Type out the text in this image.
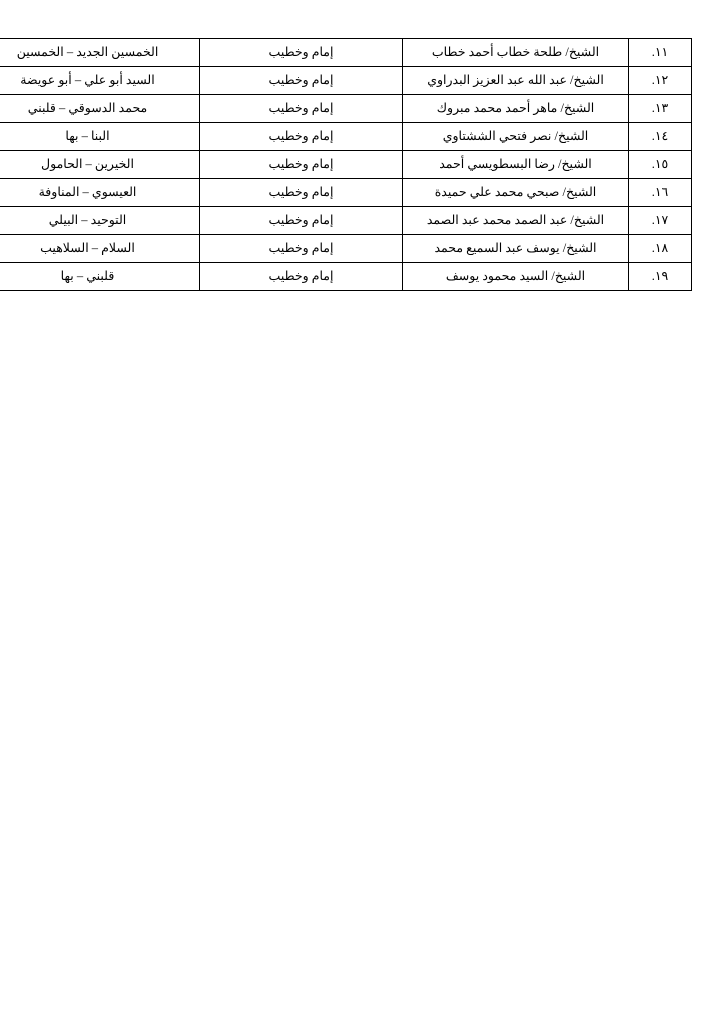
١١.	الشيخ/ طلحة خطاب أحمد خطاب	إمام وخطيب	الخمسين الجديد – الخمسين
١٢.	الشيخ/ عبد الله عبد العزيز البدراوي	إمام وخطيب	السيد أبو علي – أبو عويضة
١٣.	الشيخ/ ماهر أحمد محمد مبروك	إمام وخطيب	محمد الدسوقي – قلبني
١٤.	الشيخ/ نصر فتحي الششتاوي	إمام وخطيب	البنا – بها
١٥.	الشيخ/ رضا البسطويسي أحمد	إمام وخطيب	الخيرين – الحامول
١٦.	الشيخ/ صبحي محمد علي حميدة	إمام وخطيب	العيسوي – المناوفة
١٧.	الشيخ/ عبد الصمد محمد عبد الصمد	إمام وخطيب	التوحيد – البيلي
١٨.	الشيخ/ يوسف عبد السميع محمد	إمام وخطيب	السلام – السلاهيب
١٩.	الشيخ/ السيد محمود يوسف	إمام وخطيب	قلبني – بها
